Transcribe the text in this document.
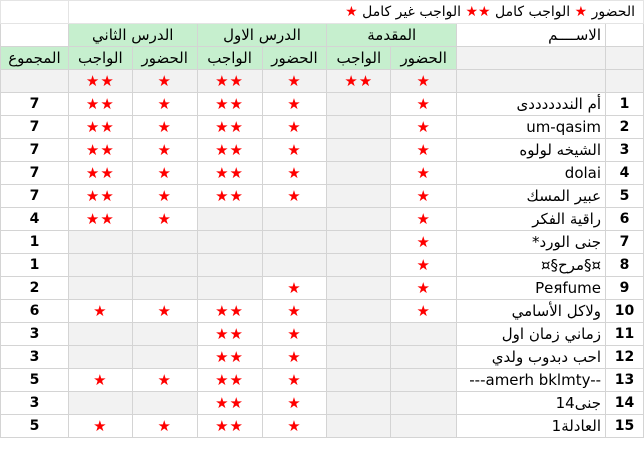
	الحضور ★ الواجب كامل ★★ الواجب غير كامل ★							
	الدرس الثاني		الدرس الاول		المقدمة		الاســــم	
المجموع	الواجب	الحضور	الواجب	الحضور	الواجب	الحضور		
	★★	★	★★	★	★★	★		
7	★★	★	★★	★		★	أم النددددددى	1
7	★★	★	★★	★		★	um-qasim	2
7	★★	★	★★	★		★	الشيخه لولوه	3
7	★★	★	★★	★		★	dolai	4
7	★★	★	★★	★		★	عبير المسك	5
4	★★	★				★	راقية الفكر	6
1						★	جنى الورد*	7
1						★	¤§مرح§¤	8
2				★		★	Рeяfumе	9
6	★	★	★★	★		★	ولاكل الأسامي	10
3			★★	★			زماني زمان اول	11
3			★★	★			احب دبدوب ولدي	12
5	★	★	★★	★			---amerh bklmty--	13
3			★★	★			جنى14	14
5	★	★	★★	★			العادلة1	15
